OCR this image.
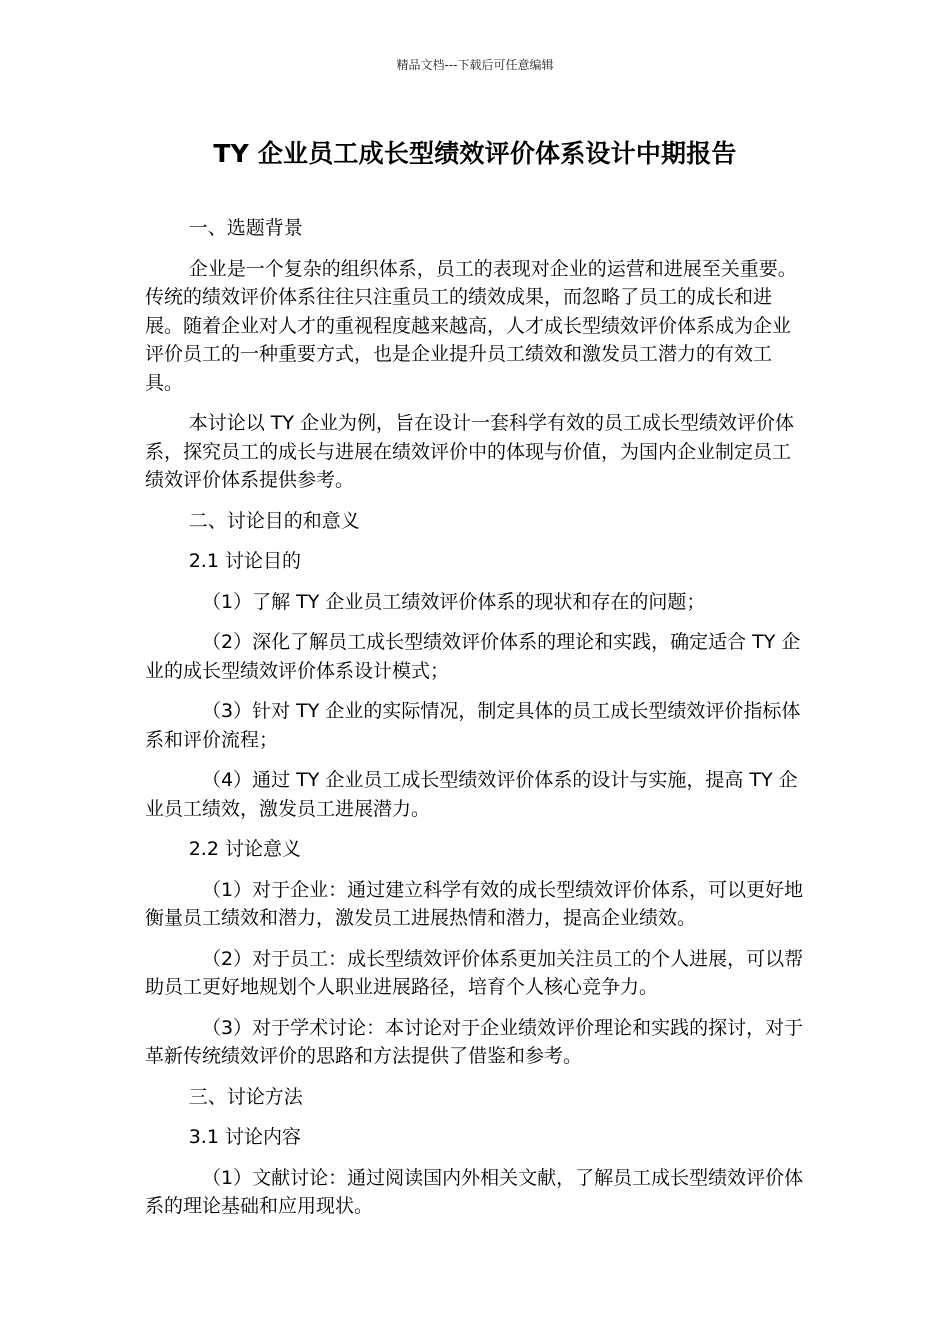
精品文档---下载后可任意编辑
TY 企业员工成长型绩效评价体系设计中期报告

一、选题背景

企业是一个复杂的组织体系，员工的表现对企业的运营和进展至关重要。传统的绩效评价体系往往只注重员工的绩效成果，而忽略了员工的成长和进展。随着企业对人才的重视程度越来越高，人才成长型绩效评价体系成为企业评价员工的一种重要方式，也是企业提升员工绩效和激发员工潜力的有效工具。

本讨论以 TY 企业为例，旨在设计一套科学有效的员工成长型绩效评价体系，探究员工的成长与进展在绩效评价中的体现与价值，为国内企业制定员工绩效评价体系提供参考。

二、讨论目的和意义

2.1 讨论目的

（1）了解 TY 企业员工绩效评价体系的现状和存在的问题；

（2）深化了解员工成长型绩效评价体系的理论和实践，确定适合 TY 企业的成长型绩效评价体系设计模式；

（3）针对 TY 企业的实际情况，制定具体的员工成长型绩效评价指标体系和评价流程；

（4）通过 TY 企业员工成长型绩效评价体系的设计与实施，提高 TY 企业员工绩效，激发员工进展潜力。

2.2 讨论意义

（1）对于企业：通过建立科学有效的成长型绩效评价体系，可以更好地衡量员工绩效和潜力，激发员工进展热情和潜力，提高企业绩效。

（2）对于员工：成长型绩效评价体系更加关注员工的个人进展，可以帮助员工更好地规划个人职业进展路径，培育个人核心竞争力。

（3）对于学术讨论：本讨论对于企业绩效评价理论和实践的探讨，对于革新传统绩效评价的思路和方法提供了借鉴和参考。

三、讨论方法

3.1 讨论内容

（1）文献讨论：通过阅读国内外相关文献，了解员工成长型绩效评价体系的理论基础和应用现状。
